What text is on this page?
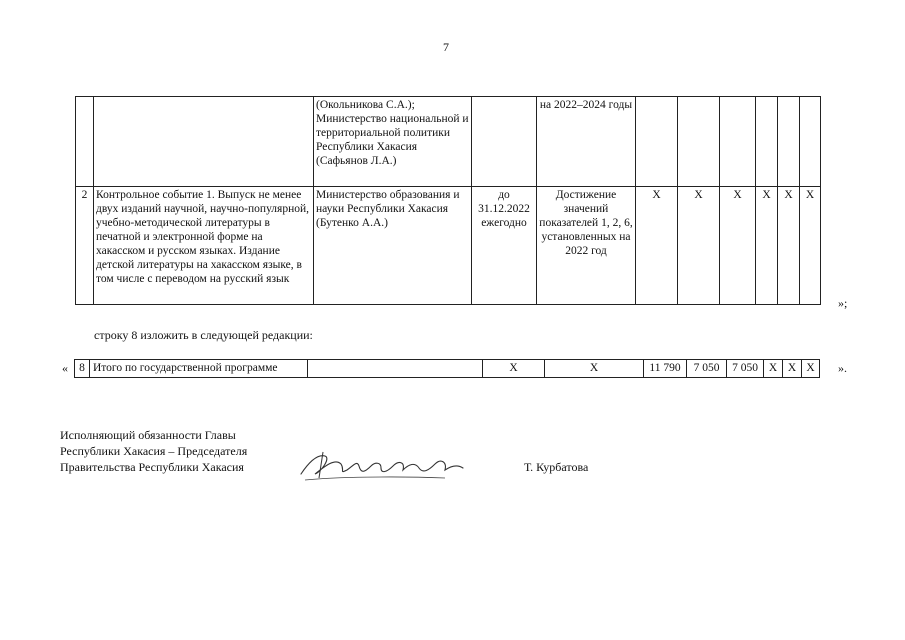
7
		(Окольникова С.А.); Министерство национальной и территориальной политики Республики Хакасия (Сафьянов Л.А.)		на 2022–2024 годы						
2	Контрольное событие 1. Выпуск не менее двух изданий научной, научно-популярной, учебно-методической литературы в печатной и электронной форме на хакасском и русском языках. Издание детской литературы на хакасском языке, в том числе с переводом на русский язык	Министерство образования и науки Республики Хакасия (Бутенко А.А.)	до 31.12.2022 ежегодно	Достижение значений показателей 1, 2, 6, установленных на 2022 год	X	X	X	X	X	X
»;
строку 8 изложить в следующей редакции:
« 8	Итого по государственной программе		X	X	11 790	7 050	7 050	X	X	X ».
Исполняющий обязанности Главы
Республики Хакасия – Председателя
Правительства Республики Хакасия	Т. Курбатова
